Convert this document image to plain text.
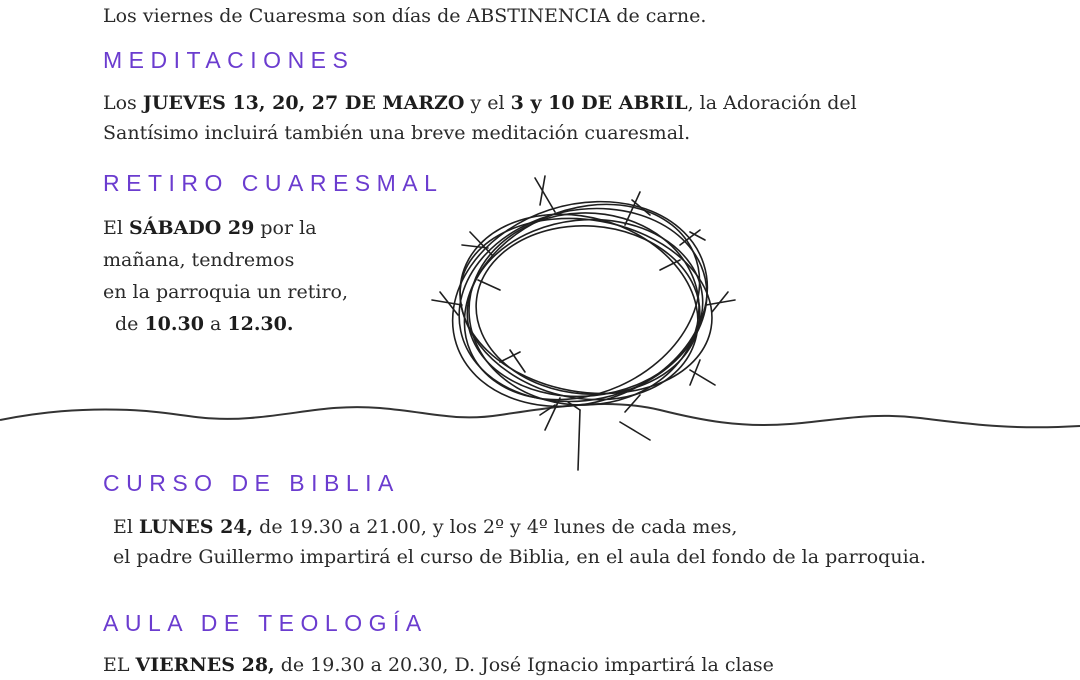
Los viernes de Cuaresma son días de ABSTINENCIA de carne.
MEDITACIONES
Los JUEVES 13, 20, 27 DE MARZO y el 3 y 10 DE ABRIL, la Adoración del
Santísimo incluirá también una breve meditación cuaresmal.
RETIRO CUARESMAL
El SÁBADO 29 por la
mañana, tendremos
en la parroquia un retiro,
de 10.30 a 12.30.
CURSO DE BIBLIA
El LUNES 24, de 19.30 a 21.00, y los 2º y 4º lunes de cada mes,
el padre Guillermo impartirá el curso de Biblia, en el aula del fondo de la parroquia.
AULA DE TEOLOGÍA
EL VIERNES 28, de 19.30 a 20.30, D. José Ignacio impartirá la clase
